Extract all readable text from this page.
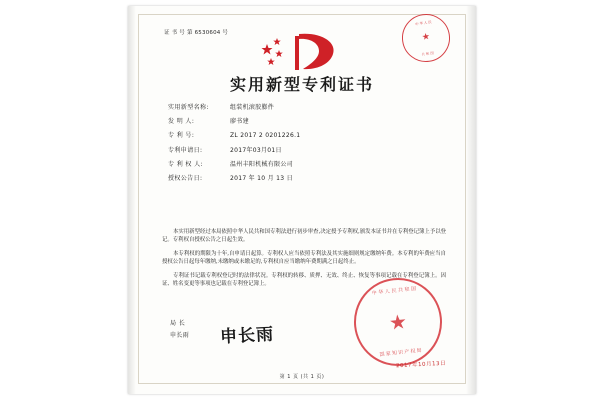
证 书 号 第 6530604 号
中华人民
★
共和国
实用新型专利证书
实用新型名称:	组装机滚胶膨件
发 明 人:	廖书建
专 利 号:	ZL 2017 2 0201226.1
专利申请日:	2017年03月01日
专 利 权 人:	温州丰阳机械有限公司
授权公告日:	2017 年 10 月 13 日

本实用新型经过本局依照中华人民共和国专利法进行初步审查,决定授予专利权,颁发本证书并在专利登记簿上予以登记。专利权自授权公告之日起生效。

本专利权的期限为十年,自申请日起算。专利权人应当依照专利法及其实施细则规定缴纳年费。本专利的年费应当自授权公告日起每年缴纳,未缴纳或未缴足的,专利权自应当缴纳年费期满之日起终止。

专利证书记载专利权登记时的法律状况。专利权的转移、质押、无效、终止、恢复等事项记载在专利登记簿上。因证、姓名变更等事项也记载在专利登记簿上。

局 长
申长雨 申长雨
中华人民共和国
★
国家知识产权局
2017年10月13日
第 1 页 (共 1 页)
